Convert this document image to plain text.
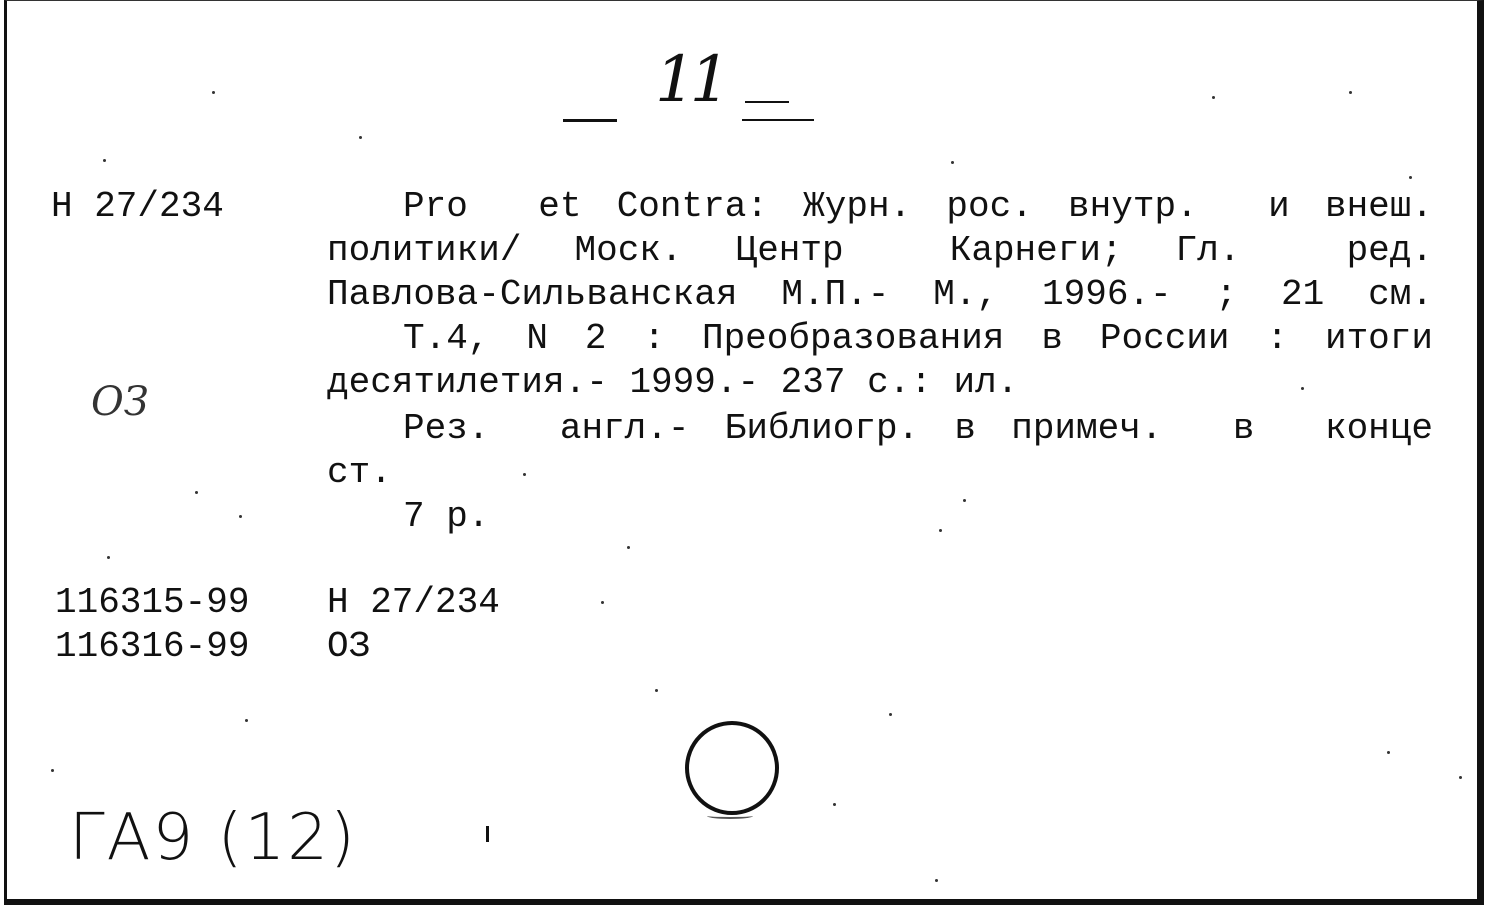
11
Н 27/234	Pro  et Contra: Журн. рос. внутр.  и внеш.
политики/ Моск. Центр  Карнеги; Гл.  ред.
Павлова-Сильванская М.П.- М., 1996.- ; 21 см.
Т.4, N 2 : Преобразования в России : итоги
десятилетия.- 1999.- 237 с.: ил.
Рез.  англ.- Библиогр. в примеч.  в  конце
ст.
7 р.
ОЗ
116315-99 Н 27/234
116316-99 ОЗ
ГА9 (12)
